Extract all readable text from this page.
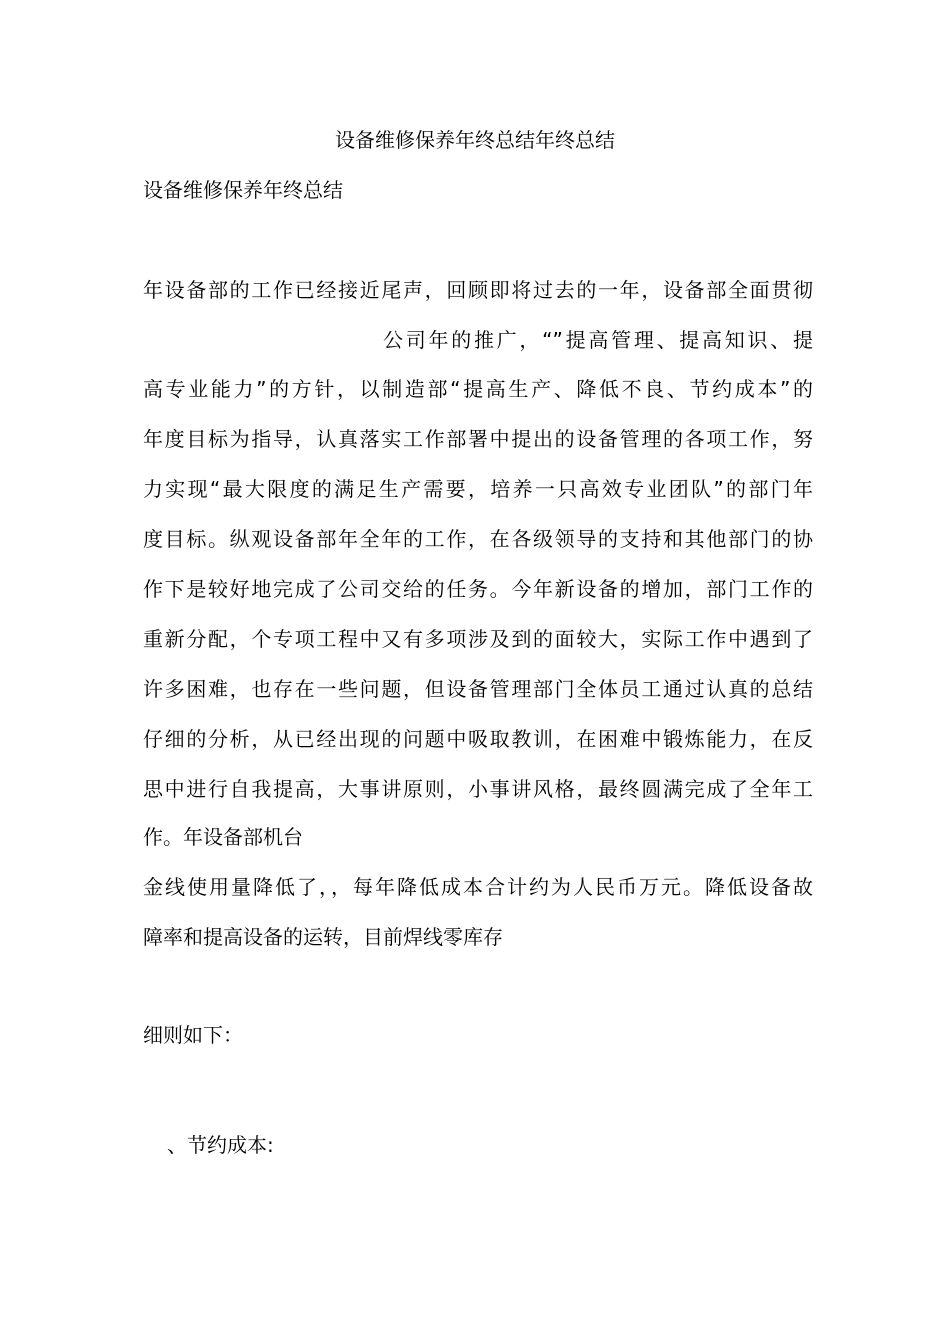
设备维修保养年终总结年终总结

设备维修保养年终总结

年设备部的工作已经接近尾声，回顾即将过去的一年，设备部全面贯彻

公司年的推广，“”提高管理、提高知识、提

高专业能力”的方针，以制造部“提高生产、降低不良、节约成本”的

年度目标为指导，认真落实工作部署中提出的设备管理的各项工作，努

力实现“最大限度的满足生产需要，培养一只高效专业团队”的部门年

度目标。纵观设备部年全年的工作，在各级领导的支持和其他部门的协

作下是较好地完成了公司交给的任务。今年新设备的增加，部门工作的

重新分配，个专项工程中又有多项涉及到的面较大，实际工作中遇到了

许多困难，也存在一些问题，但设备管理部门全体员工通过认真的总结

仔细的分析，从已经出现的问题中吸取教训，在困难中锻炼能力，在反

思中进行自我提高，大事讲原则，小事讲风格，最终圆满完成了全年工

作。年设备部机台

金线使用量降低了，，每年降低成本合计约为人民币万元。降低设备故

障率和提高设备的运转，目前焊线零库存

细则如下：

、节约成本:
